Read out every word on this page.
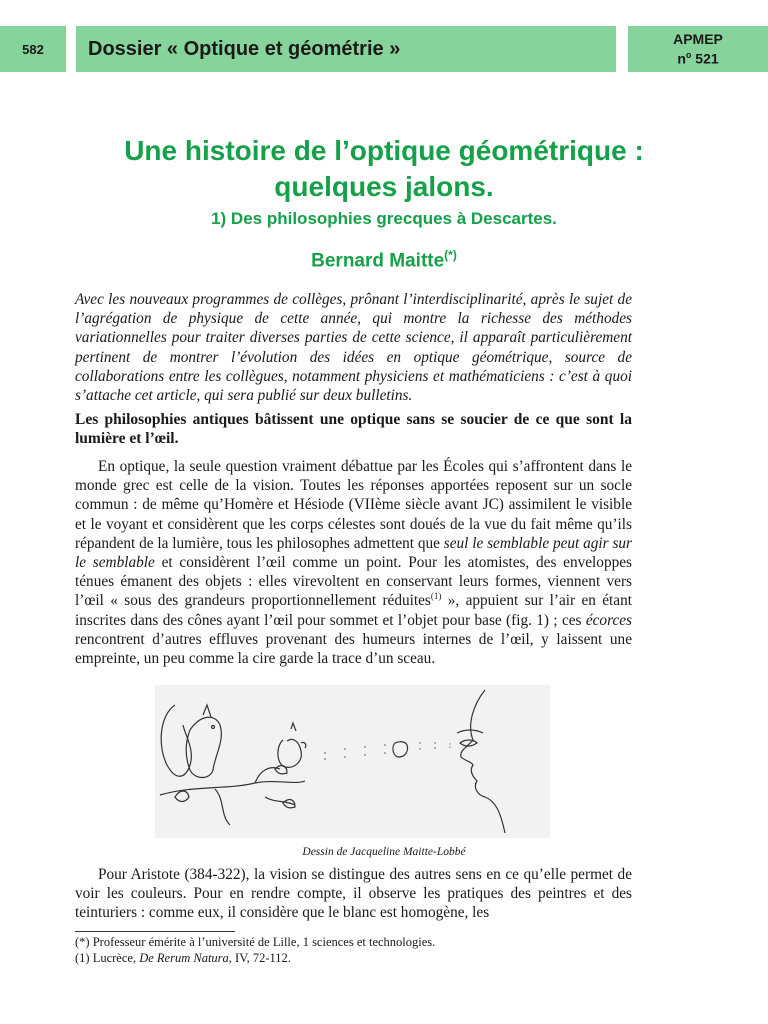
582	Dossier « Optique et géométrie »	APMEP
$n^o$ 521
Une histoire de l’optique géométrique :
quelques jalons.
1) Des philosophies grecques à Descartes.
Bernard Maitte(*)
Avec les nouveaux programmes de collèges, prônant l’interdisciplinarité, après le sujet de l’agrégation de physique de cette année, qui montre la richesse des méthodes variationnelles pour traiter diverses parties de cette science, il apparaît particulièrement pertinent de montrer l’évolution des idées en optique géométrique, source de collaborations entre les collègues, notamment physiciens et mathématiciens : c’est à quoi s’attache cet article, qui sera publié sur deux bulletins.
Les philosophies antiques bâtissent une optique sans se soucier de ce que sont la lumière et l’œil.
En optique, la seule question vraiment débattue par les Écoles qui s’affrontent dans le monde grec est celle de la vision. Toutes les réponses apportées reposent sur un socle commun : de même qu’Homère et Hésiode (VIIème siècle avant JC) assimilent le visible et le voyant et considèrent que les corps célestes sont doués de la vue du fait même qu’ils répandent de la lumière, tous les philosophes admettent que seul le semblable peut agir sur le semblable et considèrent l’œil comme un point. Pour les atomistes, des enveloppes ténues émanent des objets : elles virevoltent en conservant leurs formes, viennent vers l’œil « sous des grandeurs proportionnellement réduites$^{(1)}$ », appuient sur l’air en étant inscrites dans des cônes ayant l’œil pour sommet et l’objet pour base (fig. 1) ; ces écorces rencontrent d’autres effluves provenant des humeurs internes de l’œil, y laissent une empreinte, un peu comme la cire garde la trace d’un sceau.
Dessin de Jacqueline Maitte-Lobbé
Pour Aristote (384-322), la vision se distingue des autres sens en ce qu’elle permet de voir les couleurs. Pour en rendre compte, il observe les pratiques des peintres et des teinturiers : comme eux, il considère que le blanc est homogène, les
(*) Professeur émérite à l’université de Lille, 1 sciences et technologies.
(1) Lucrèce, De Rerum Natura, IV, 72-112.
